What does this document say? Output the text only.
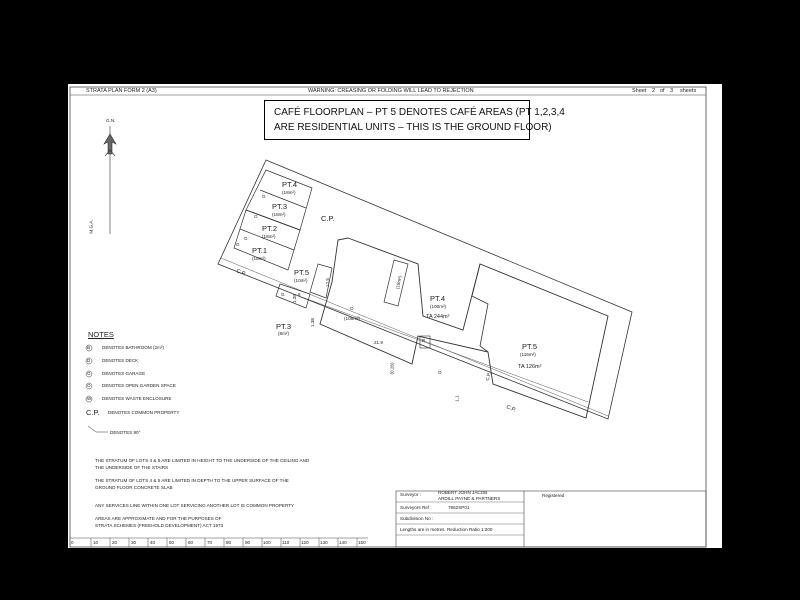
STRATA PLAN FORM 2 (A3)	WARNING: CREASING OR FOLDING WILL LEAD TO REJECTION	Sheet 2 of 3 sheets
CAFÉ FLOORPLAN – PT 5 DENOTES CAFÉ AREAS (PT 1,2,3,4
ARE RESIDENTIAL UNITS – THIS IS THE GROUND FLOOR)
G.N.
M.G.A.
PT.4
(18m²)
G
PT.3
(18m²)
G
PT.2
(18m²)
G
PT.1
(18m²)
G
C.P.
C.P.
C.P.
PT.5
(10m²)
PT.3
(8m²)
O
(108m²)
PT.4
(100m²)
TA 244m²
PT.5
(116m²)
TA 126m²
(18m²)
1.38 6
1.38
21.9
(0.26)
1.1
12.5
G
O
B
C.P.
NOTES
B	DENOTES BATHROOM (2m²)
D	DENOTES DECK
G DENOTES GARAGE
O DENOTES OPEN GARDEN SPACE
W DENOTES WASTE ENCLOSURE
C.P. DENOTES COMMON PROPERTY
DENOTES 90°
THE STRATUM OF LOTS 4 & 5 ARE LIMITED IN HEIGHT TO THE UNDERSIDE OF THE CEILING AND
THE UNDERSIDE OF THE STAIRS
THE STRATUM OF LOTS 4 & 5 ARE LIMITED IN DEPTH TO THE UPPER SURFACE OF THE
GROUND FLOOR CONCRETE SLAB
ANY SERVICES LINE WITHIN ONE LOT SERVICING ANOTHER LOT IS COMMON PROPERTY
AREAS ARE APPROXIMATE AND FOR THE PURPOSES OF
STRATA SCHEMES (FREEHOLD DEVELOPMENT) ACT 1973
Surveyor :	ROBERT JOHN JACOB
ARDILL PAYNE & PARTNERS
Surveyors Ref :	7862SP01
Subdivision No :
Lengths are in metres. Reduction Ratio 1:200
Registered
0	10	20	30	40	50	60	70	80	90	100 110	120 130 140 150
